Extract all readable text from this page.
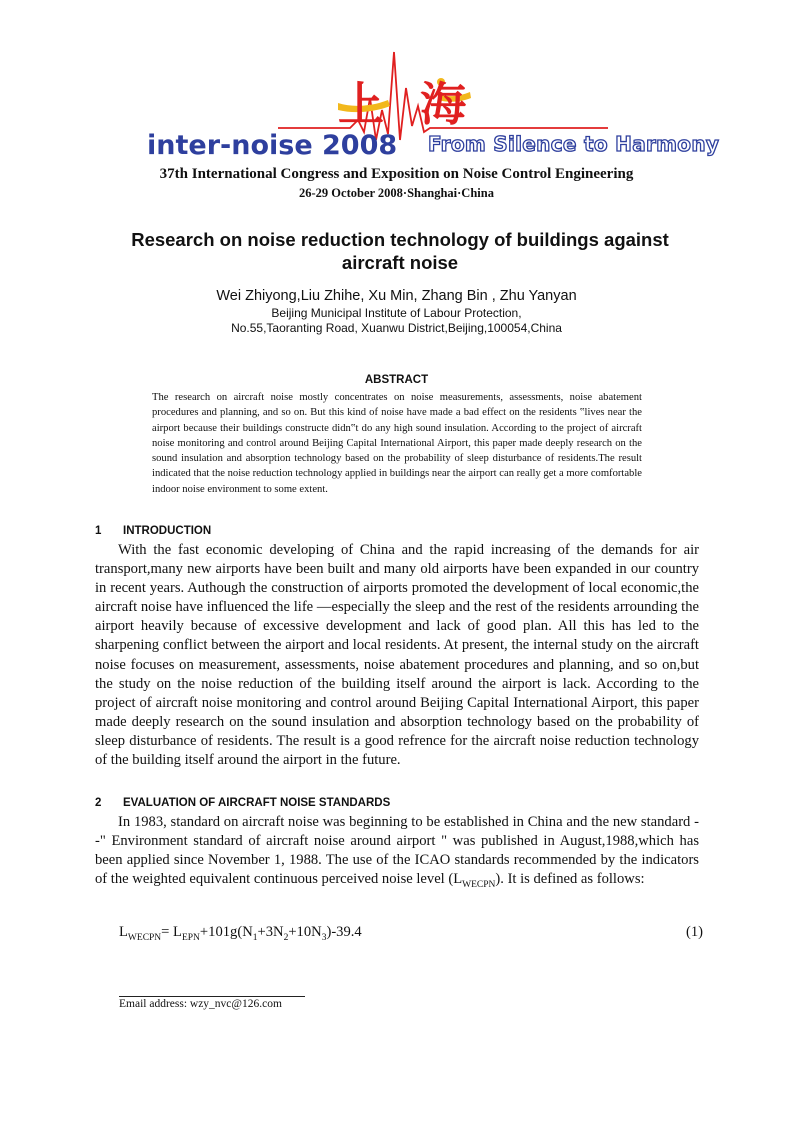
上海
inter-noise 2008 From Silence to Harmony
37th International Congress and Exposition on Noise Control Engineering
26-29 October 2008·Shanghai·China
Research on noise reduction technology of buildings against aircraft noise
Wei Zhiyong,Liu Zhihe, Xu Min, Zhang Bin , Zhu Yanyan
Beijing Municipal Institute of Labour Protection,
No.55,Taoranting Road, Xuanwu District,Beijing,100054,China
ABSTRACT
The research on aircraft noise mostly concentrates on noise measurements, assessments, noise abatement procedures and planning, and so on. But this kind of noise have made a bad effect on the residents ‟lives near the airport because their buildings constructe didn‟t do any high sound insulation. According to the project of aircraft noise monitoring and control around Beijing Capital International Airport, this paper made deeply research on the sound insulation and absorption technology based on the probability of sleep disturbance of residents.The result indicated that the noise reduction technology applied in buildings near the airport can really get a more comfortable indoor noise environment to some extent.
1 INTRODUCTION
With the fast economic developing of China and the rapid increasing of the demands for air transport,many new airports have been built and many old airports have been expanded in our country in recent years. Authough the construction of airports promoted the development of local economic,the aircraft noise have influenced the life —especially the sleep and the rest of the residents arrounding the airport heavily because of excessive development and lack of good plan. All this has led to the sharpening conflict between the airport and local residents. At present, the internal study on the aircraft noise focuses on measurement, assessments, noise abatement procedures and planning, and so on,but the study on the noise reduction of the building itself around the airport is lack. According to the project of aircraft noise monitoring and control around Beijing Capital International Airport, this paper made deeply research on the sound insulation and absorption technology based on the probability of sleep disturbance of residents. The result is a good refrence for the aircraft noise reduction technology of the building itself around the airport in the future.
2 EVALUATION OF AIRCRAFT NOISE STANDARDS
In 1983, standard on aircraft noise was beginning to be established in China and the new standard --" Environment standard of aircraft noise around airport " was published in August,1988,which has been applied since November 1, 1988. The use of the ICAO standards recommended by the indicators of the weighted equivalent continuous perceived noise level $(L_{WECPN})$. It is defined as follows:
$L_{WECPN}= L_{EPN}+101g(N_1+3N_2+10N_3)-39.4$	(1)
Email address: wzy_nvc@126.com
